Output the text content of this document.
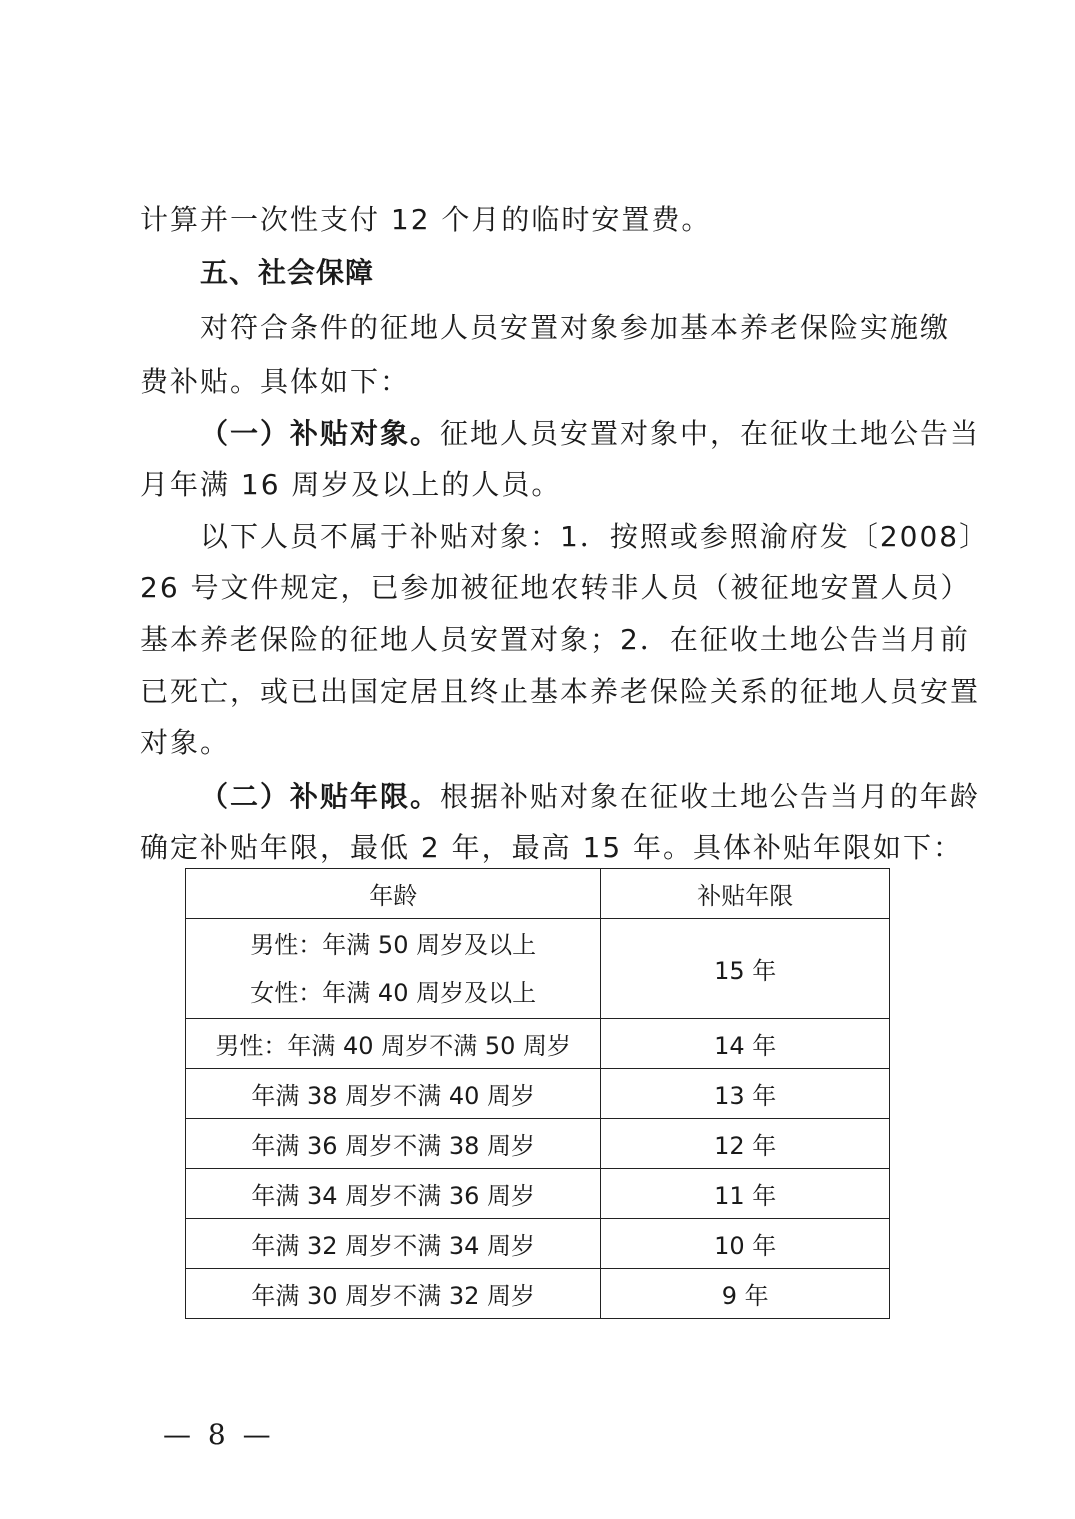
计算并一次性支付 12 个月的临时安置费。
五、社会保障
对符合条件的征地人员安置对象参加基本养老保险实施缴
费补贴。具体如下：
（一）补贴对象。征地人员安置对象中，在征收土地公告当
月年满 16 周岁及以上的人员。
以下人员不属于补贴对象：1．按照或参照渝府发〔2008〕
26 号文件规定，已参加被征地农转非人员（被征地安置人员）
基本养老保险的征地人员安置对象；2．在征收土地公告当月前
已死亡，或已出国定居且终止基本养老保险关系的征地人员安置
对象。
（二）补贴年限。根据补贴对象在征收土地公告当月的年龄
确定补贴年限，最低 2 年，最高 15 年。具体补贴年限如下：
年龄	补贴年限

男性：年满 50 周岁及以上
女性：年满 40 周岁及以上	15 年
男性：年满 40 周岁不满 50 周岁	14 年
年满 38 周岁不满 40 周岁	13 年
年满 36 周岁不满 38 周岁	12 年
年满 34 周岁不满 36 周岁	11 年
年满 32 周岁不满 34 周岁	10 年
年满 30 周岁不满 32 周岁	9 年
— 8 —
